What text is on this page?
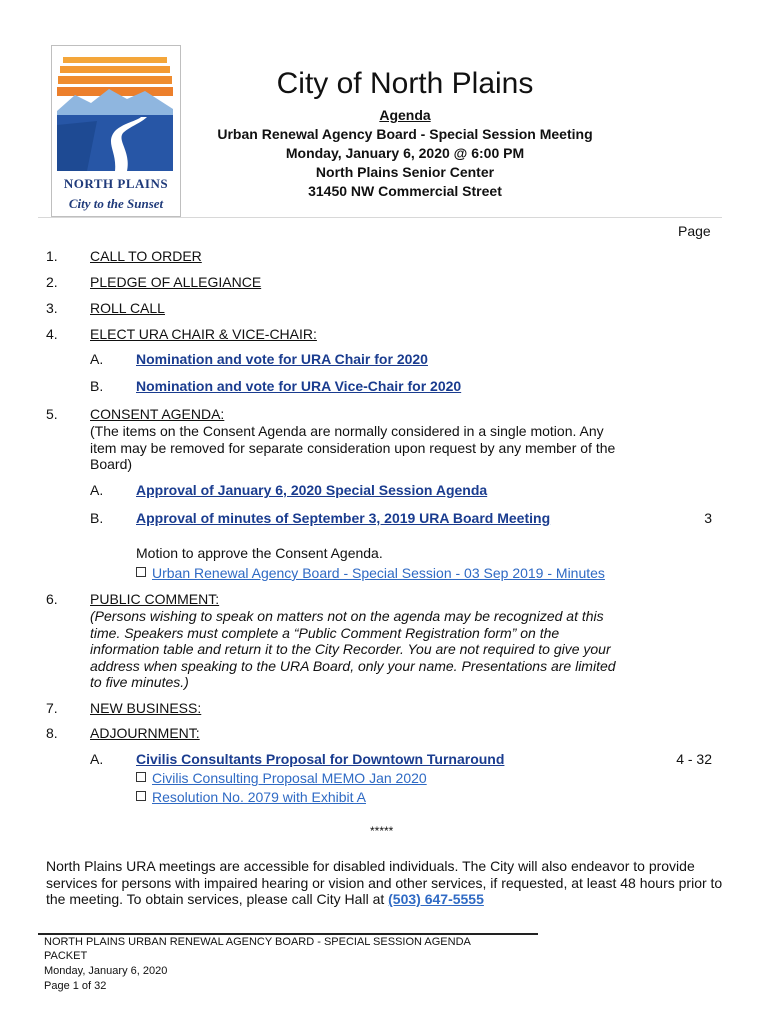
NORTH PLAINS
City to the Sunset
City of North Plains
Agenda
Urban Renewal Agency Board - Special Session Meeting
Monday, January 6, 2020 @ 6:00 PM
North Plains Senior Center
31450 NW Commercial Street
Page
1. CALL TO ORDER
2. PLEDGE OF ALLEGIANCE
3. ROLL CALL
4. ELECT URA CHAIR & VICE-CHAIR:
A. Nomination and vote for URA Chair for 2020
B. Nomination and vote for URA Vice-Chair for 2020
5. CONSENT AGENDA:
(The items on the Consent Agenda are normally considered in a single motion. Any item may be removed for separate consideration upon request by any member of the Board)
A. Approval of January 6, 2020 Special Session Agenda
B. Approval of minutes of September 3, 2019 URA Board Meeting	3
Motion to approve the Consent Agenda.
Urban Renewal Agency Board - Special Session - 03 Sep 2019 - Minutes
6. PUBLIC COMMENT:
(Persons wishing to speak on matters not on the agenda may be recognized at this time. Speakers must complete a “Public Comment Registration form” on the information table and return it to the City Recorder. You are not required to give your address when speaking to the URA Board, only your name. Presentations are limited to five minutes.)
7. NEW BUSINESS:
8. ADJOURNMENT:
A. Civilis Consultants Proposal for Downtown Turnaround	4 - 32
Civilis Consulting Proposal MEMO Jan 2020
Resolution No. 2079 with Exhibit A
*****
North Plains URA meetings are accessible for disabled individuals. The City will also endeavor to provide services for persons with impaired hearing or vision and other services, if requested, at least 48 hours prior to the meeting. To obtain services, please call City Hall at (503) 647-5555
NORTH PLAINS URBAN RENEWAL AGENCY BOARD - SPECIAL SESSION AGENDA
PACKET
Monday, January 6, 2020
Page 1 of 32
